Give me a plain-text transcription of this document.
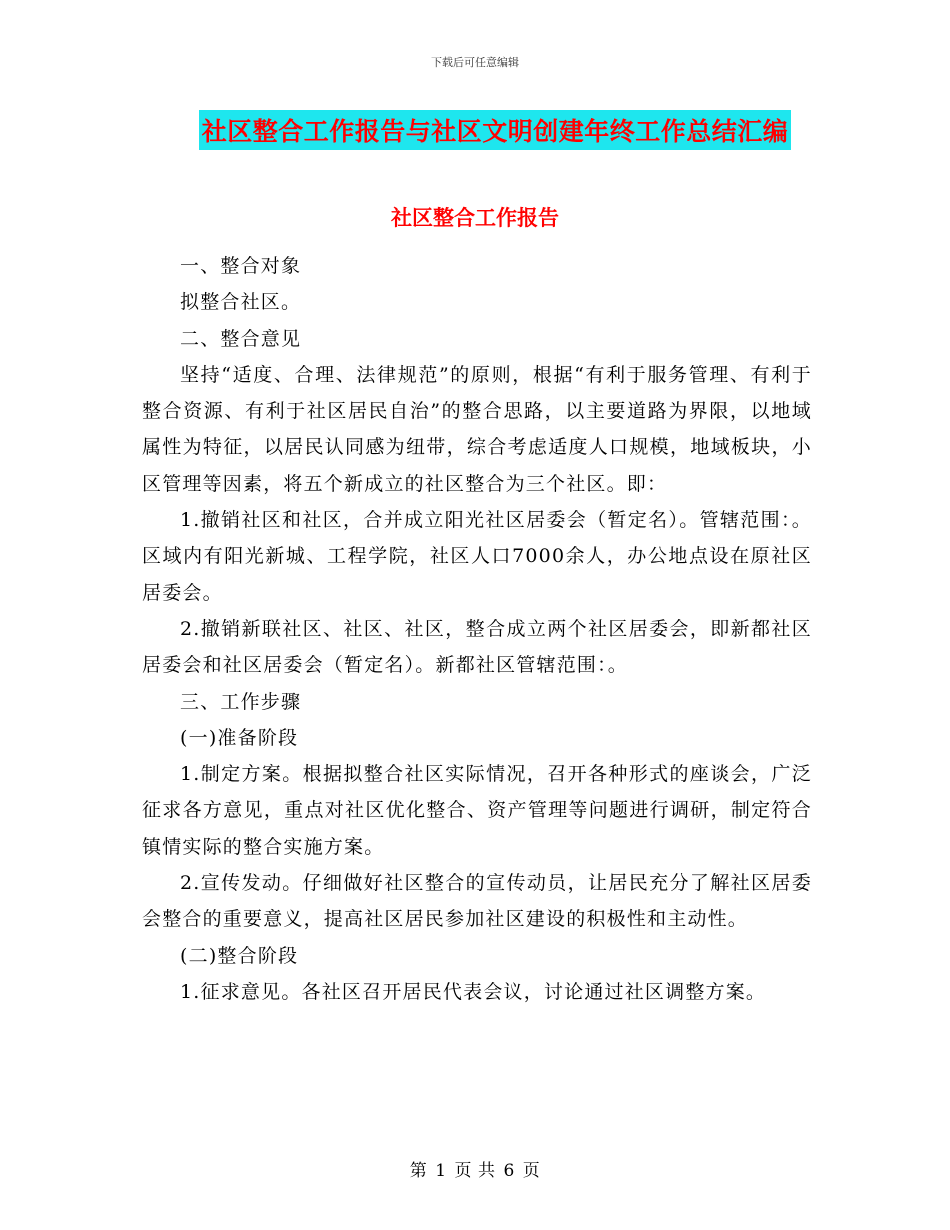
下载后可任意编辑
社区整合工作报告与社区文明创建年终工作总结汇编
社区整合工作报告

一、整合对象

拟整合社区。

二、整合意见

坚持“适度、合理、法律规范”的原则，根据“有利于服务管理、有利于整合资源、有利于社区居民自治”的整合思路，以主要道路为界限，以地域属性为特征，以居民认同感为纽带，综合考虑适度人口规模，地域板块，小区管理等因素，将五个新成立的社区整合为三个社区。即：

1.撤销社区和社区，合并成立阳光社区居委会（暂定名）。管辖范围：。区域内有阳光新城、工程学院，社区人口7000余人，办公地点设在原社区居委会。

2.撤销新联社区、社区、社区，整合成立两个社区居委会，即新都社区居委会和社区居委会（暂定名）。新都社区管辖范围：。

三、工作步骤

(一)准备阶段

1.制定方案。根据拟整合社区实际情况，召开各种形式的座谈会，广泛征求各方意见，重点对社区优化整合、资产管理等问题进行调研，制定符合镇情实际的整合实施方案。

2.宣传发动。仔细做好社区整合的宣传动员，让居民充分了解社区居委会整合的重要意义，提高社区居民参加社区建设的积极性和主动性。

(二)整合阶段

1.征求意见。各社区召开居民代表会议，讨论通过社区调整方案。

第 1 页 共 6 页
